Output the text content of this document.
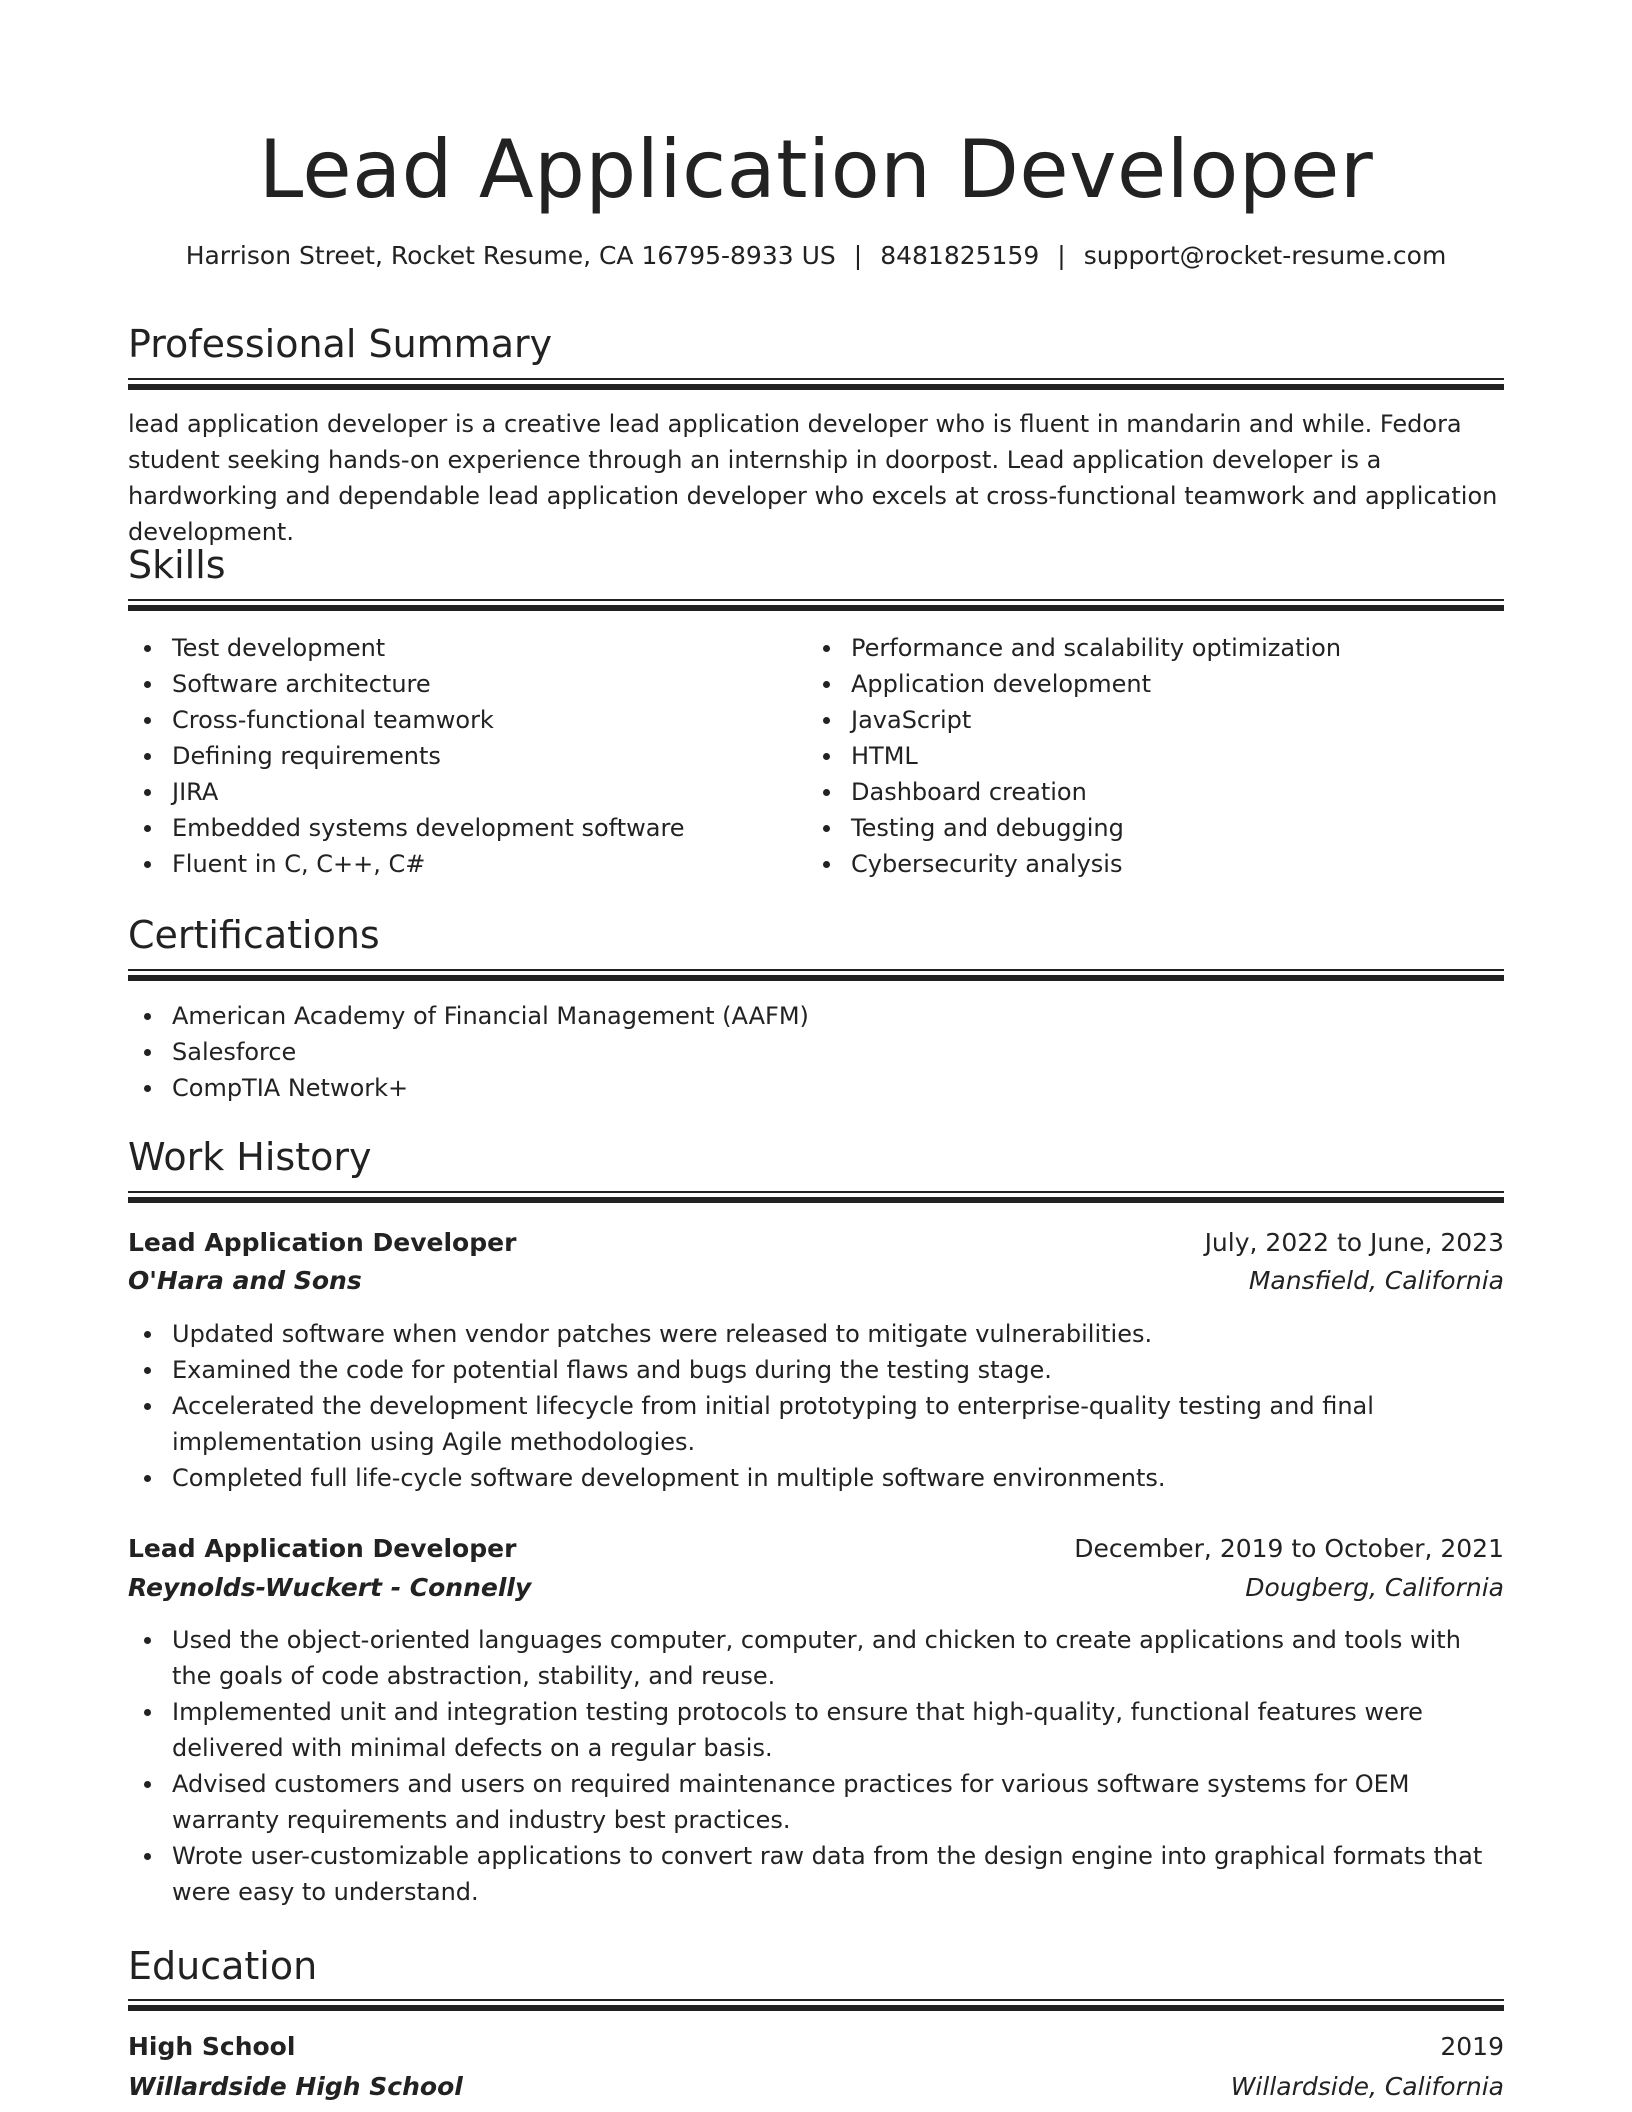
Lead Application Developer
Harrison Street, Rocket Resume, CA 16795-8933 US | 8481825159 | support@rocket-resume.com
Professional Summary

lead application developer is a creative lead application developer who is fluent in mandarin and while. Fedora student seeking hands-on experience through an internship in doorpost. Lead application developer is a hardworking and dependable lead application developer who excels at cross-functional teamwork and application development.

Skills
Test development
Software architecture
Cross-functional teamwork
Defining requirements
JIRA
Embedded systems development software
Fluent in C, C++, C#
Performance and scalability optimization
Application development
JavaScript
HTML
Dashboard creation
Testing and debugging
Cybersecurity analysis
Certifications
American Academy of Financial Management (AAFM)
Salesforce
CompTIA Network+
Work History
Lead Application Developer	July, 2022 to June, 2023
O'Hara and Sons	Mansfield, California
Updated software when vendor patches were released to mitigate vulnerabilities.
Examined the code for potential flaws and bugs during the testing stage.
Accelerated the development lifecycle from initial prototyping to enterprise-quality testing and final implementation using Agile methodologies.
Completed full life-cycle software development in multiple software environments.
Lead Application Developer	December, 2019 to October, 2021
Reynolds-Wuckert - Connelly	Dougberg, California
Used the object-oriented languages computer, computer, and chicken to create applications and tools with the goals of code abstraction, stability, and reuse.
Implemented unit and integration testing protocols to ensure that high-quality, functional features were delivered with minimal defects on a regular basis.
Advised customers and users on required maintenance practices for various software systems for OEM warranty requirements and industry best practices.
Wrote user-customizable applications to convert raw data from the design engine into graphical formats that were easy to understand.
Education
High School	2019
Willardside High School	Willardside, California
